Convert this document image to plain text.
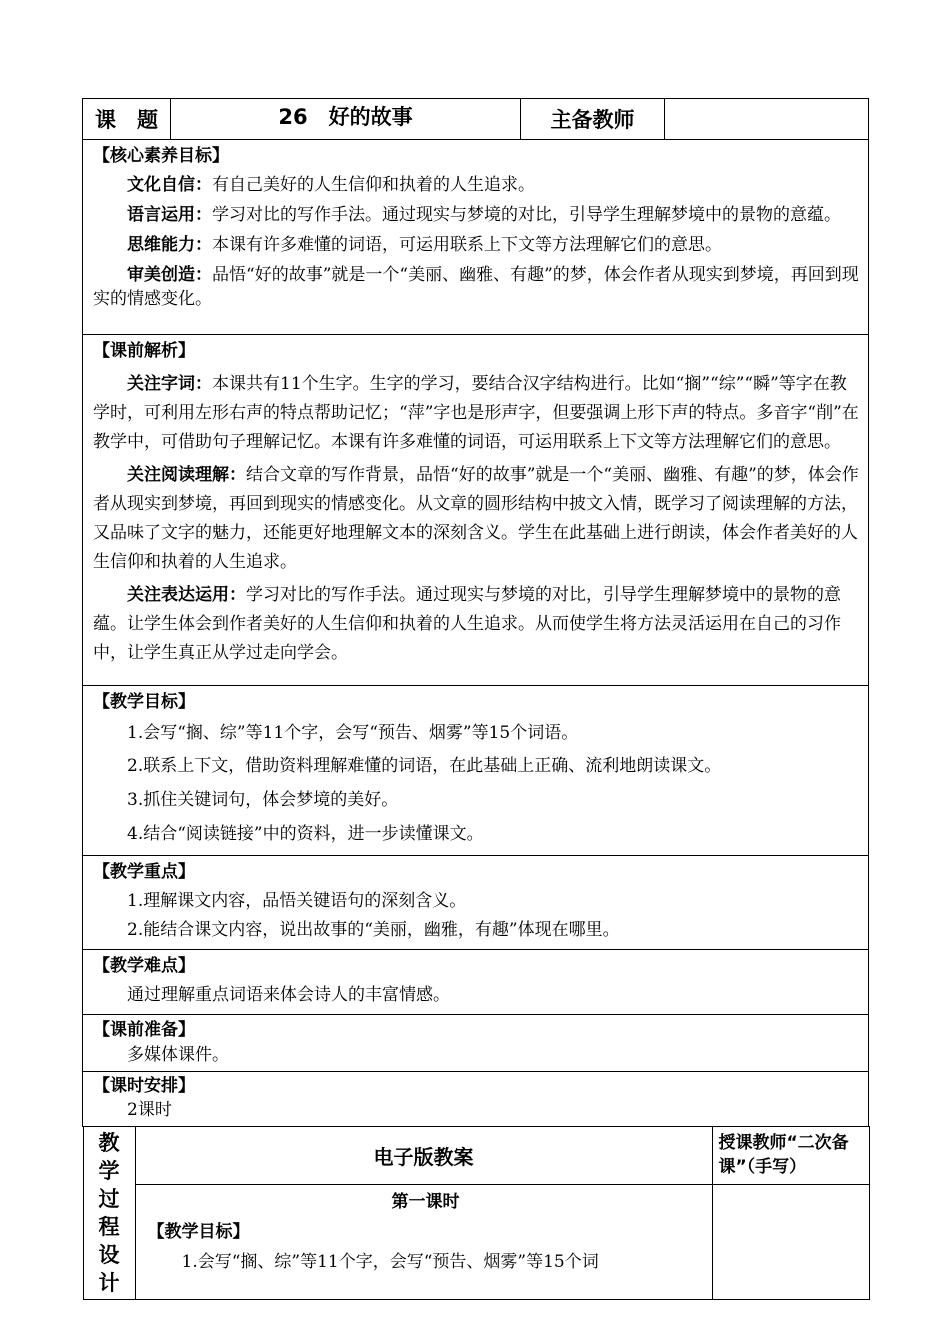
课　题	26　好的故事	主备教师	

【核心素养目标】

文化自信：有自己美好的人生信仰和执着的人生追求。

语言运用：学习对比的写作手法。通过现实与梦境的对比，引导学生理解梦境中的景物的意蕴。

思维能力：本课有许多难懂的词语，可运用联系上下文等方法理解它们的意思。

审美创造：品悟“好的故事”就是一个“美丽、幽雅、有趣”的梦，体会作者从现实到梦境，再回到现实的情感变化。

【课前解析】

关注字词：本课共有11个生字。生字的学习，要结合汉字结构进行。比如“搁”“综”“瞬”等字在教学时，可利用左形右声的特点帮助记忆；“萍”字也是形声字，但要强调上形下声的特点。多音字“削”在教学中，可借助句子理解记忆。本课有许多难懂的词语，可运用联系上下文等方法理解它们的意思。

关注阅读理解：结合文章的写作背景，品悟“好的故事”就是一个“美丽、幽雅、有趣”的梦，体会作者从现实到梦境，再回到现实的情感变化。从文章的圆形结构中披文入情，既学习了阅读理解的方法，又品味了文字的魅力，还能更好地理解文本的深刻含义。学生在此基础上进行朗读，体会作者美好的人生信仰和执着的人生追求。

关注表达运用：学习对比的写作手法。通过现实与梦境的对比，引导学生理解梦境中的景物的意蕴。让学生体会到作者美好的人生信仰和执着的人生追求。从而使学生将方法灵活运用在自己的习作中，让学生真正从学过走向学会。

【教学目标】

1.会写“搁、综”等11个字，会写“预告、烟雾”等15个词语。

2.联系上下文，借助资料理解难懂的词语，在此基础上正确、流利地朗读课文。

3.抓住关键词句，体会梦境的美好。

4.结合“阅读链接”中的资料，进一步读懂课文。

【教学重点】

1.理解课文内容，品悟关键语句的深刻含义。

2.能结合课文内容，说出故事的“美丽，幽雅，有趣”体现在哪里。

【教学难点】

通过理解重点词语来体会诗人的丰富情感。

【课前准备】

多媒体课件。

【课时安排】

2课时

教
学
过
程
设
计
	电子版教案	授课教师“二次备课”（手写）

第一课时
【教学目标】
1.会写“搁、综”等11个字，会写“预告、烟雾”等15个词
